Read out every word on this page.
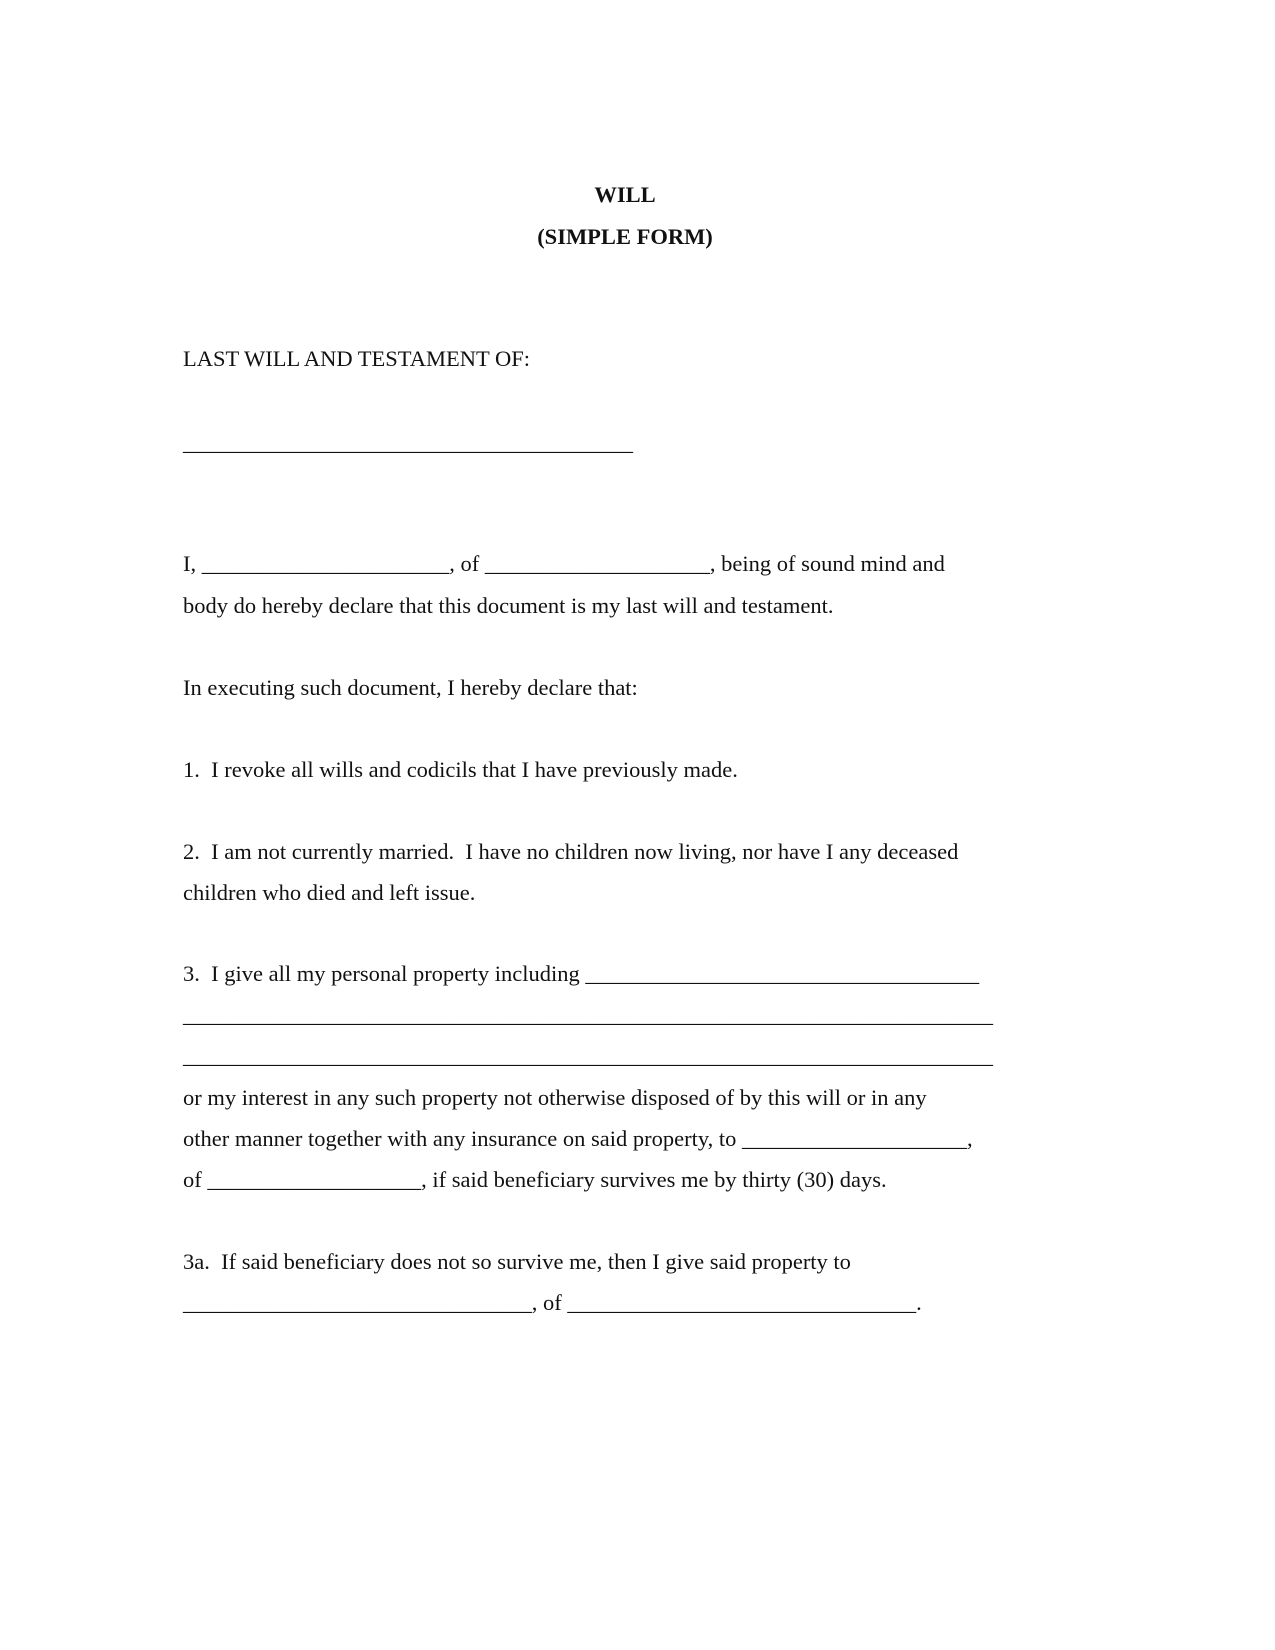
WILL
(SIMPLE FORM)
LAST WILL AND TESTAMENT OF:
________________________________________
I, ______________________, of ____________________, being of sound mind and
body do hereby declare that this document is my last will and testament.
In executing such document, I hereby declare that:
1.  I revoke all wills and codicils that I have previously made.
2.  I am not currently married.  I have no children now living, nor have I any deceased
children who died and left issue.
3.  I give all my personal property including ___________________________________
________________________________________________________________________
________________________________________________________________________
or my interest in any such property not otherwise disposed of by this will or in any
other manner together with any insurance on said property, to ____________________,
of ___________________, if said beneficiary survives me by thirty (30) days.
3a.  If said beneficiary does not so survive me, then I give said property to
_______________________________, of _______________________________.
